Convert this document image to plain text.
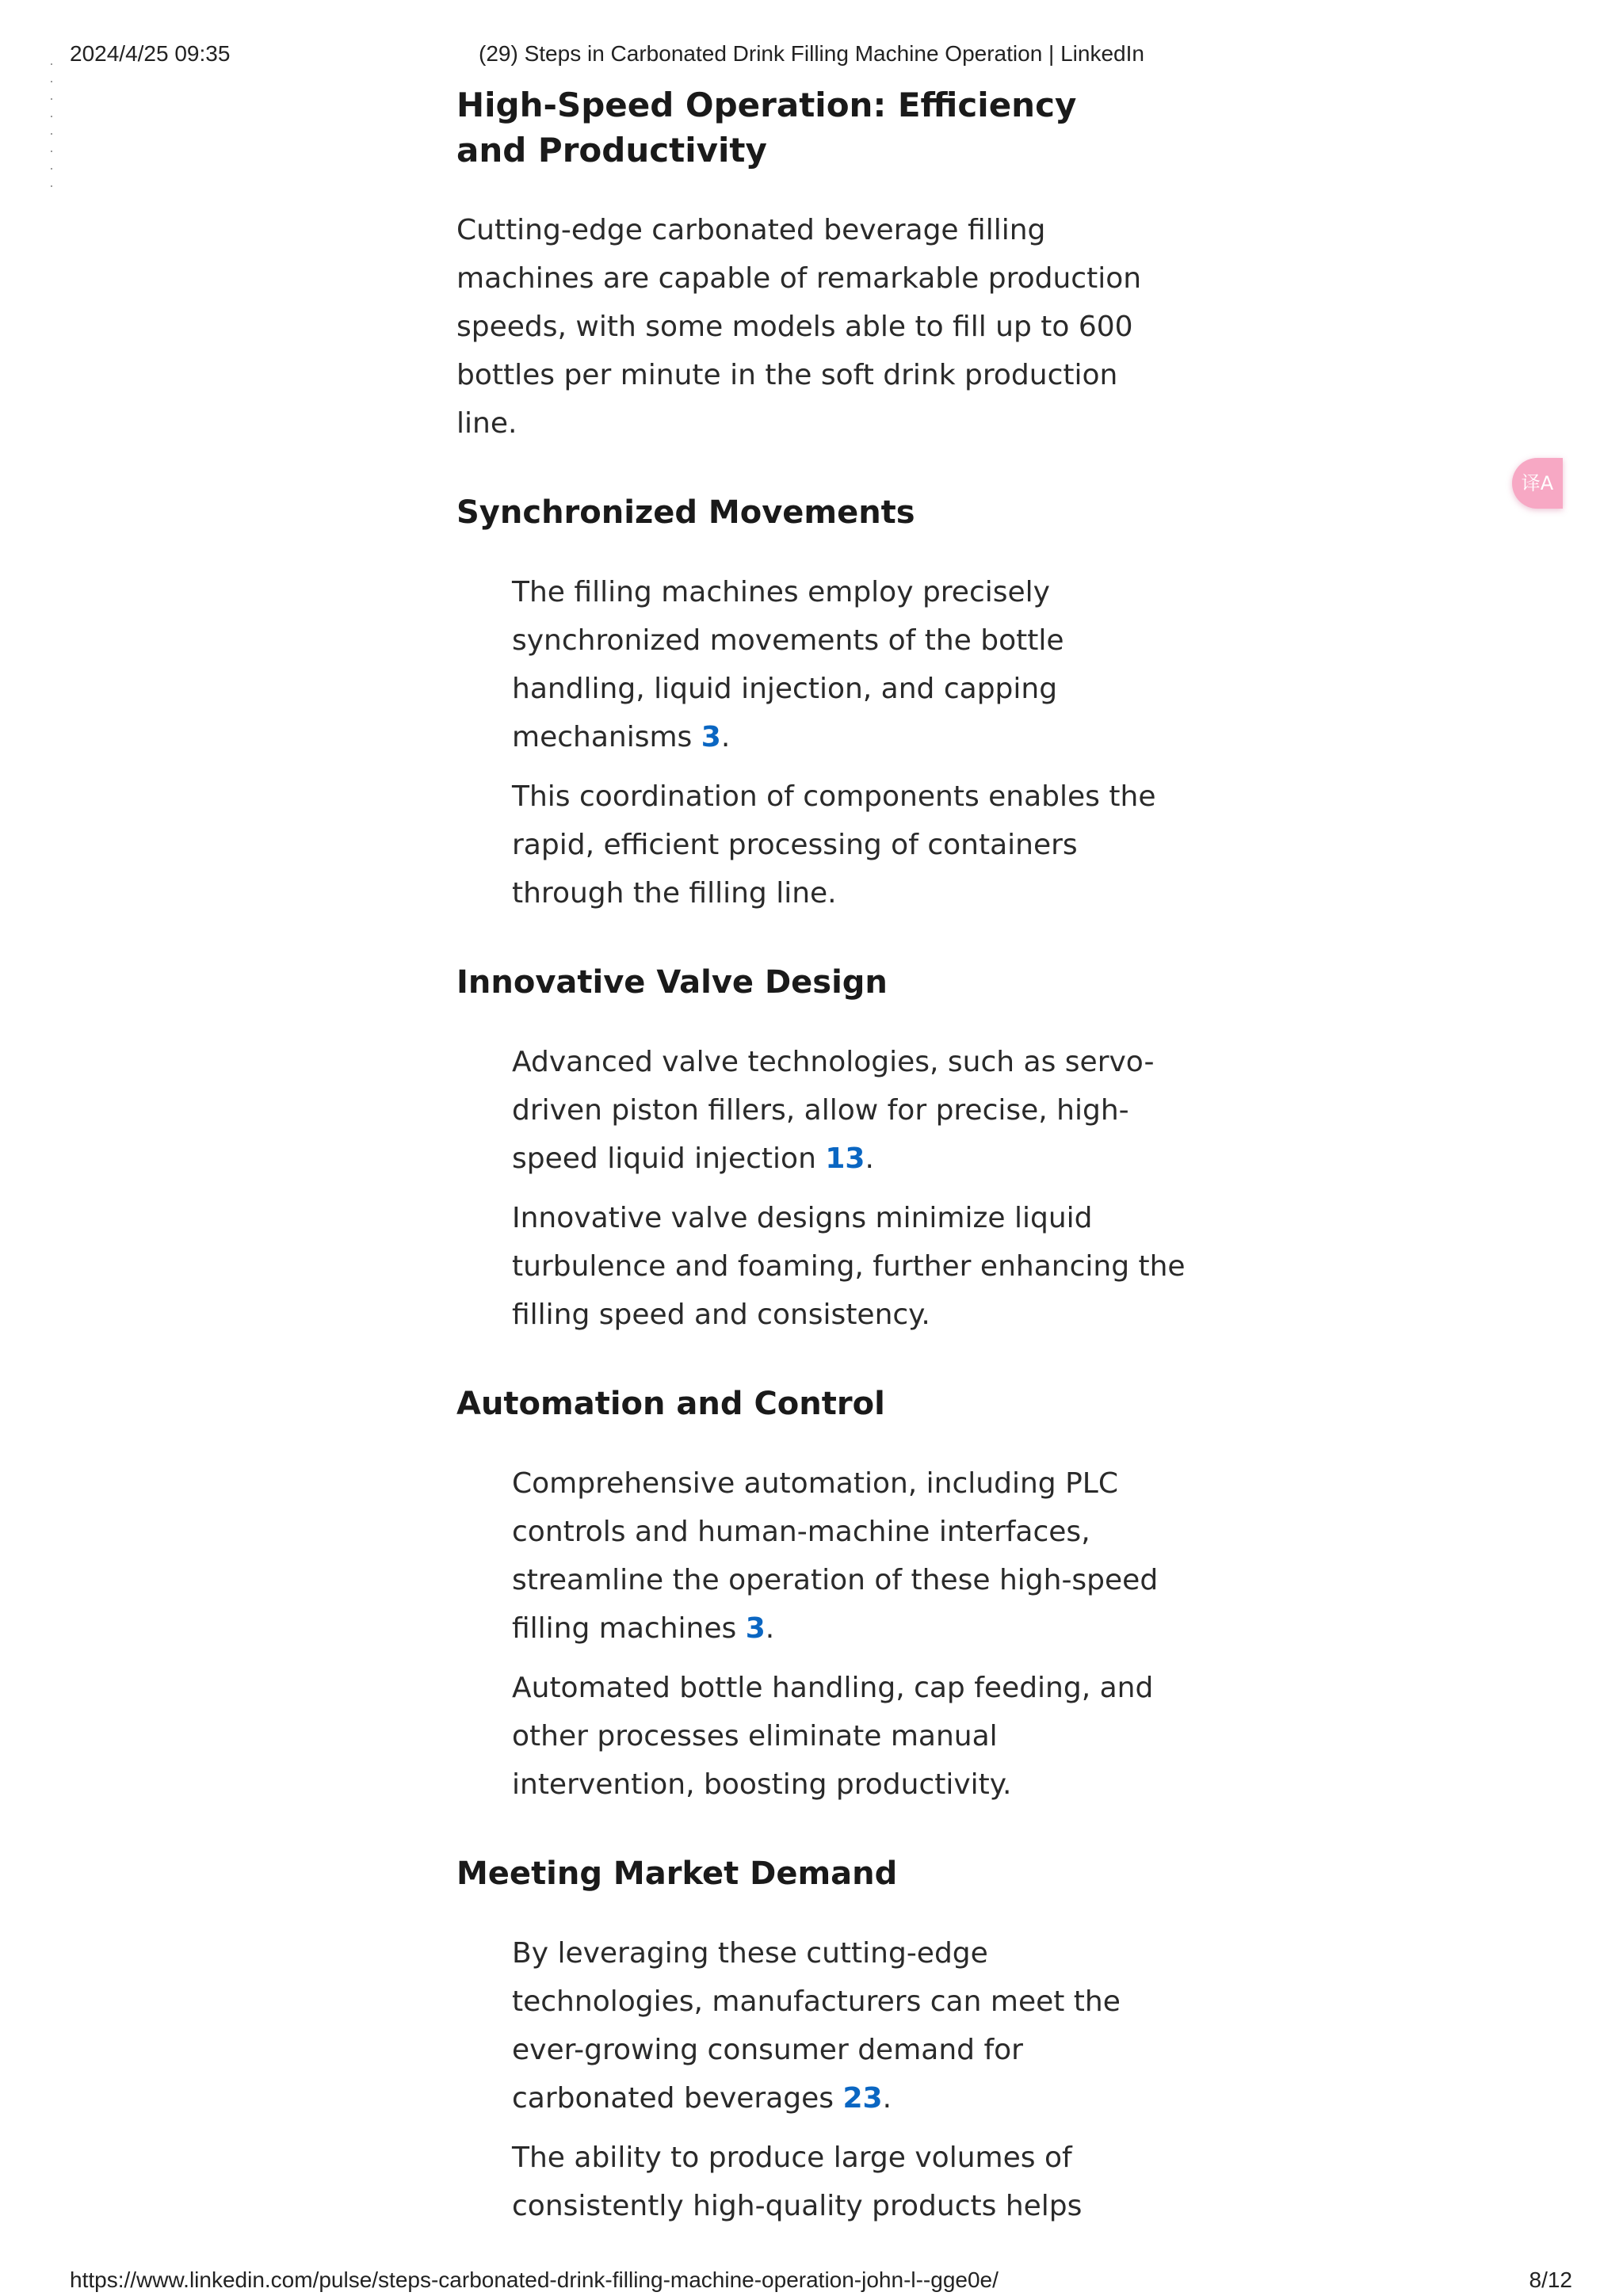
2024/4/25 09:35	(29) Steps in Carbonated Drink Filling Machine Operation | LinkedIn
High-Speed Operation: Efficiency and Productivity

Cutting-edge carbonated beverage filling machines are capable of remarkable production speeds, with some models able to fill up to 600 bottles per minute in the soft drink production line.

Synchronized Movements

The filling machines employ precisely synchronized movements of the bottle handling, liquid injection, and capping mechanisms 3.

This coordination of components enables the rapid, efficient processing of containers through the filling line.

Innovative Valve Design

Advanced valve technologies, such as servo-driven piston fillers, allow for precise, high-speed liquid injection 13.

Innovative valve designs minimize liquid turbulence and foaming, further enhancing the filling speed and consistency.

Automation and Control

Comprehensive automation, including PLC controls and human-machine interfaces, streamline the operation of these high-speed filling machines 3.

Automated bottle handling, cap feeding, and other processes eliminate manual intervention, boosting productivity.

Meeting Market Demand

By leveraging these cutting-edge technologies, manufacturers can meet the ever-growing consumer demand for carbonated beverages 23.

The ability to produce large volumes of consistently high-quality products helps

译A
https://www.linkedin.com/pulse/steps-carbonated-drink-filling-machine-operation-john-l--gge0e/	8/12
